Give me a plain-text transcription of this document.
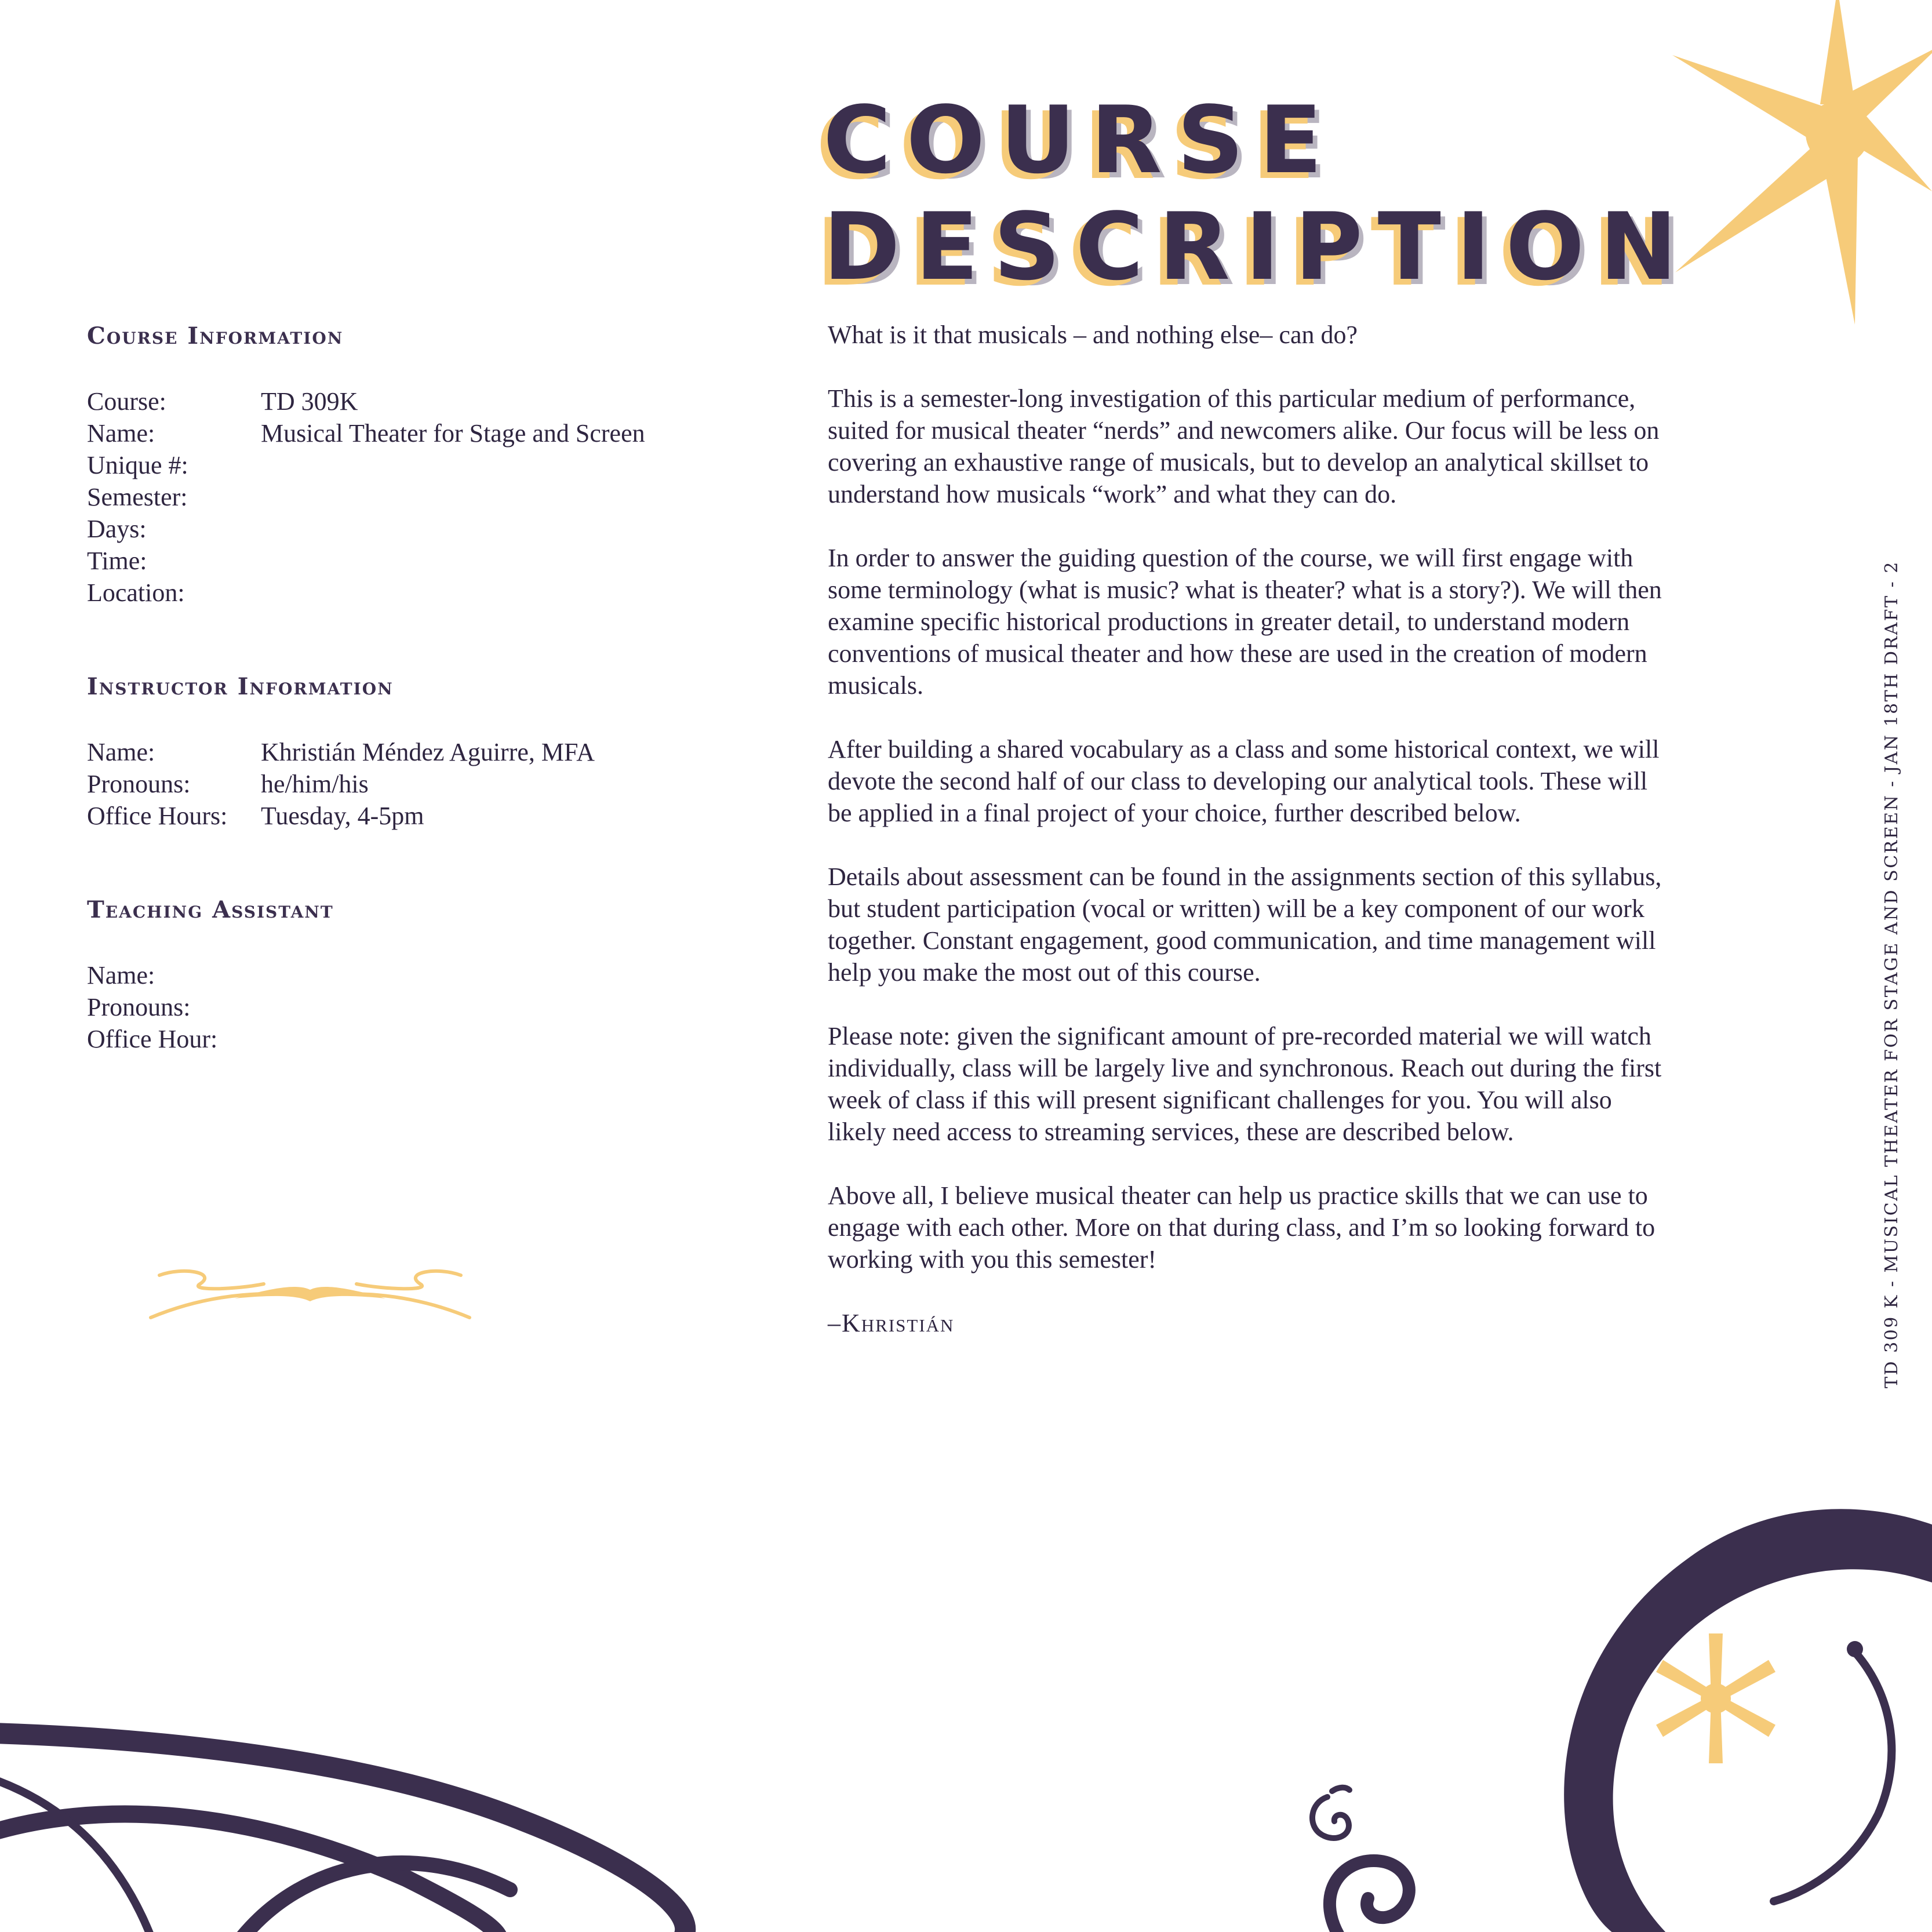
COURSE
DESCRIPTION
Course Information
Course:	TD 309K
Name:	Musical Theater for Stage and Screen
Unique #:	
Semester:	
Days:	
Time:	
Location:	
Instructor Information
Name:	Khristián Méndez Aguirre, MFA
Pronouns:	he/him/his
Office Hours:	Tuesday, 4-5pm
Teaching Assistant
Name:	
Pronouns:	
Office Hour:	

What is it that musicals – and nothing else– can do?

This is a semester-long investigation of this particular medium of performance, suited for musical theater “nerds” and newcomers alike. Our focus will be less on covering an exhaustive range of musicals, but to develop an analytical skillset to understand how musicals “work” and what they can do.

In order to answer the guiding question of the course, we will first engage with some terminology (what is music? what is theater? what is a story?). We will then examine specific historical productions in greater detail, to understand modern conventions of musical theater and how these are used in the creation of modern musicals.

After building a shared vocabulary as a class and some historical context, we will devote the second half of our class to developing our analytical tools. These will be applied in a final project of your choice, further described below.

Details about assessment can be found in the assignments section of this syllabus, but student participation (vocal or written) will be a key component of our work together. Constant engagement, good communication, and time management will help you make the most out of this course.

Please note: given the significant amount of pre-recorded material we will watch individually, class will be largely live and synchronous. Reach out during the first week of class if this will present significant challenges for you. You will also likely need access to streaming services, these are described below.

Above all, I believe musical theater can help us practice skills that we can use to engage with each other. More on that during class, and I’m so looking forward to working with you this semester!

–Khristián	TD 309 K - MUSICAL THEATER FOR STAGE AND SCREEN - JAN 18TH DRAFT - 2
